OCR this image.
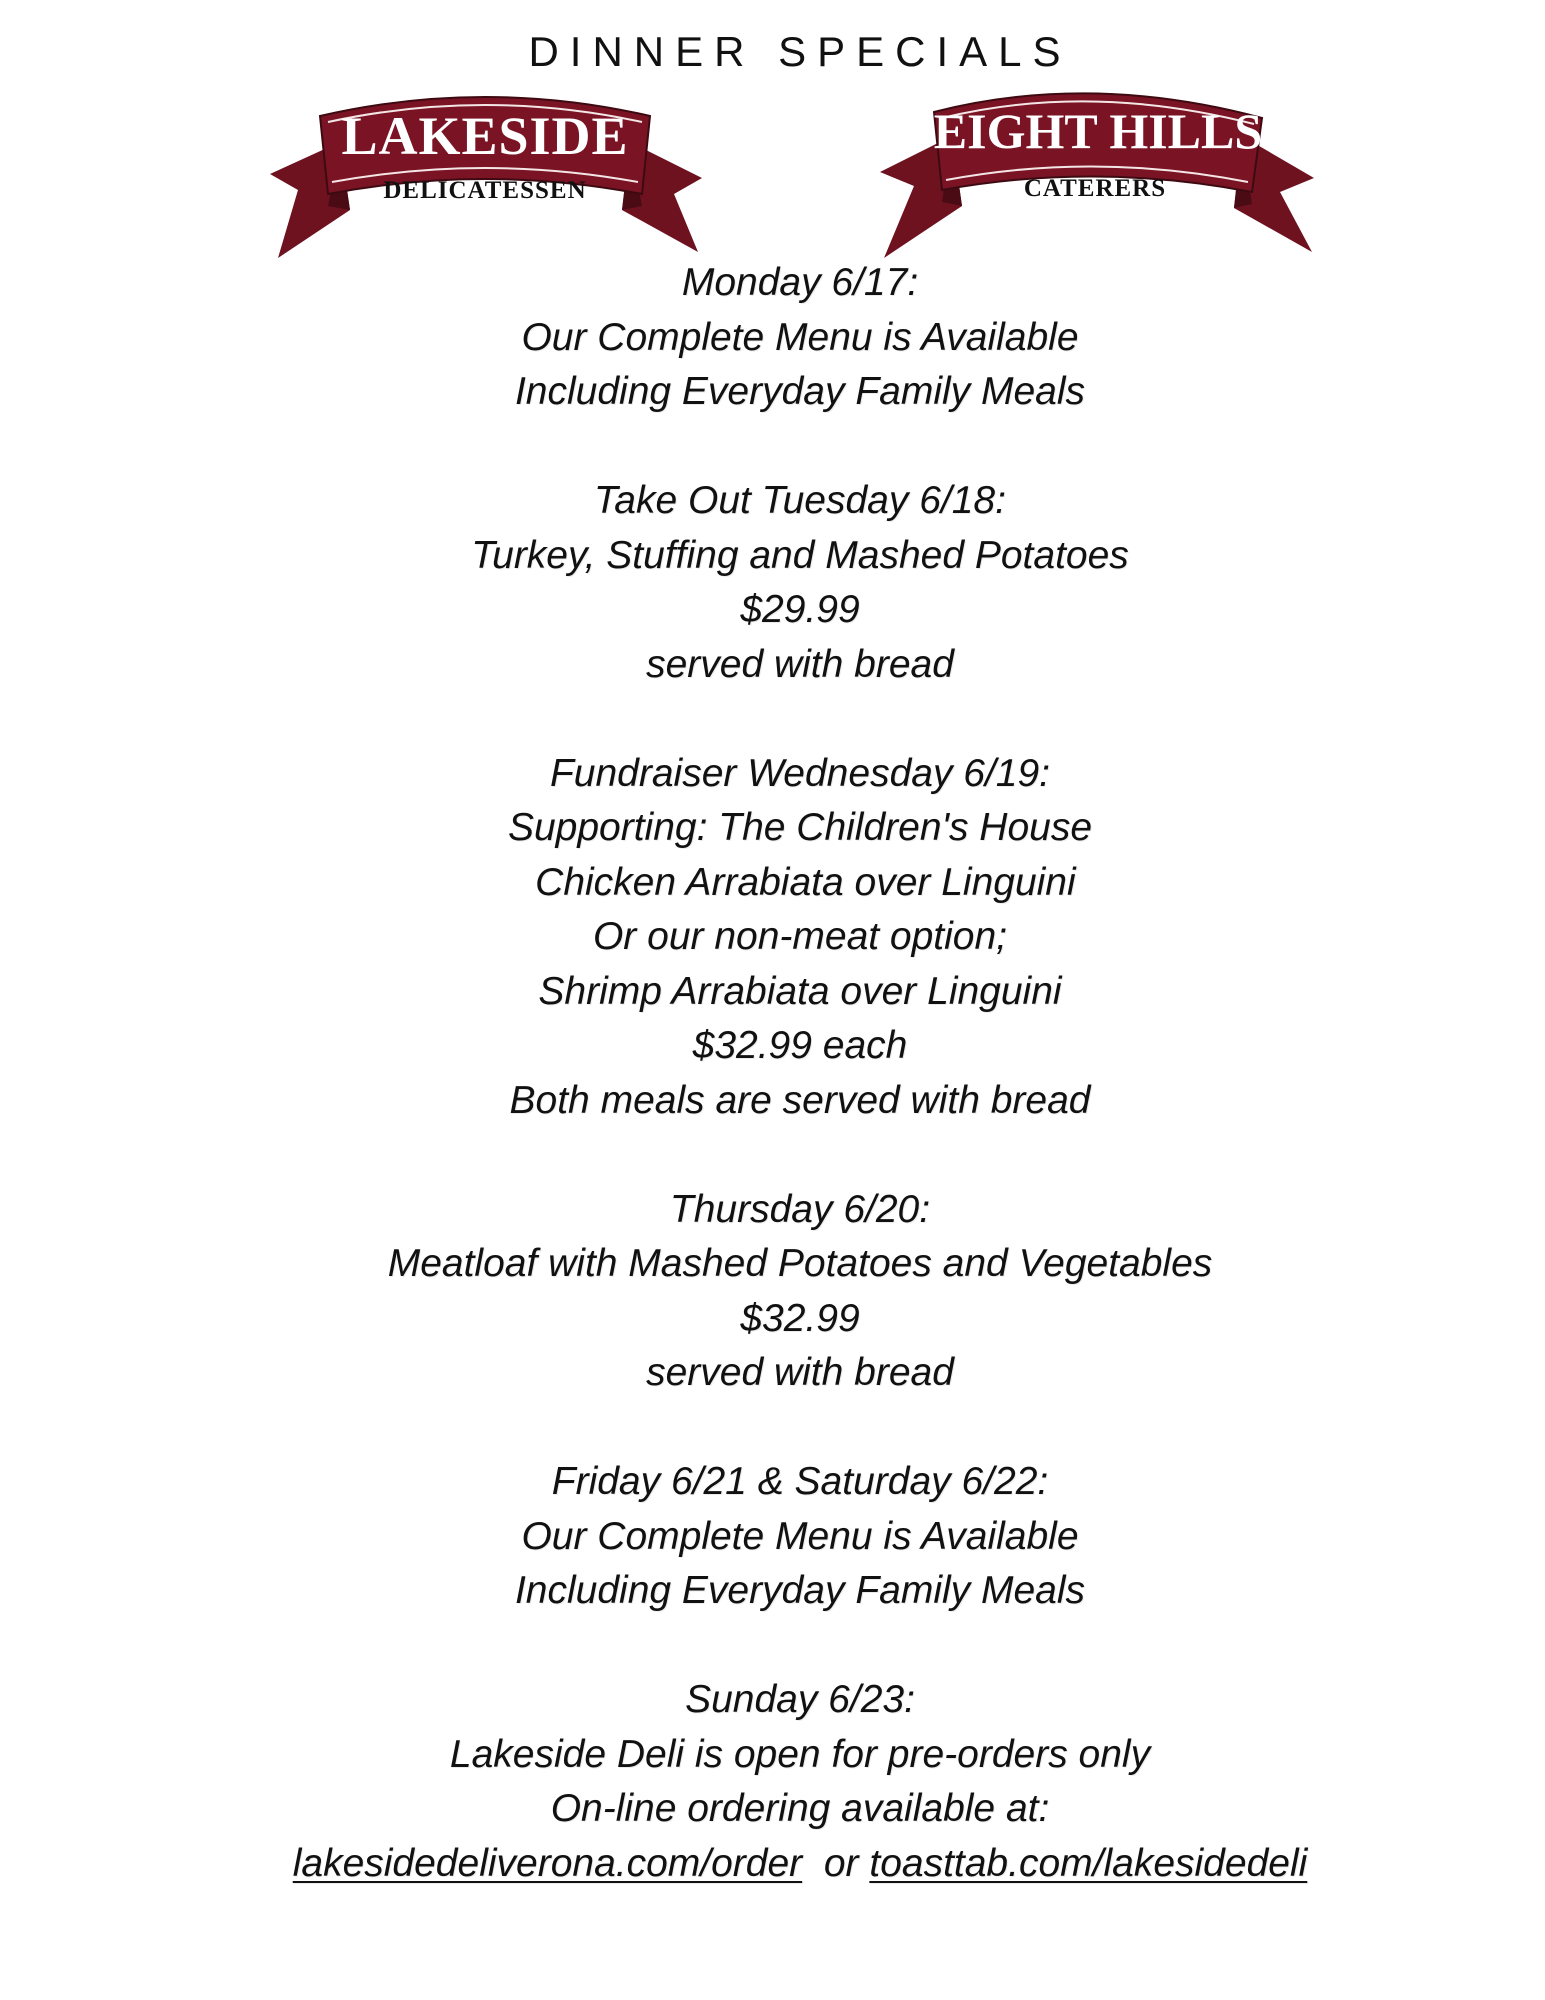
DINNER SPECIALS
LAKESIDE
DELICATESSEN
EIGHT HILLS
CATERERS
Monday 6/17:
Our Complete Menu is Available
Including Everyday Family Meals
Take Out Tuesday 6/18:
Turkey, Stuffing and Mashed Potatoes
$29.99
served with bread
Fundraiser Wednesday 6/19:
Supporting: The Children's House
Chicken Arrabiata over Linguini
Or our non-meat option;
Shrimp Arrabiata over Linguini
$32.99 each
Both meals are served with bread
Thursday 6/20:
Meatloaf with Mashed Potatoes and Vegetables
$32.99
served with bread
Friday 6/21 & Saturday 6/22:
Our Complete Menu is Available
Including Everyday Family Meals
Sunday 6/23:
Lakeside Deli is open for pre-orders only
On-line ordering available at:
lakesidedeliverona.com/order or toasttab.com/lakesidedeli
